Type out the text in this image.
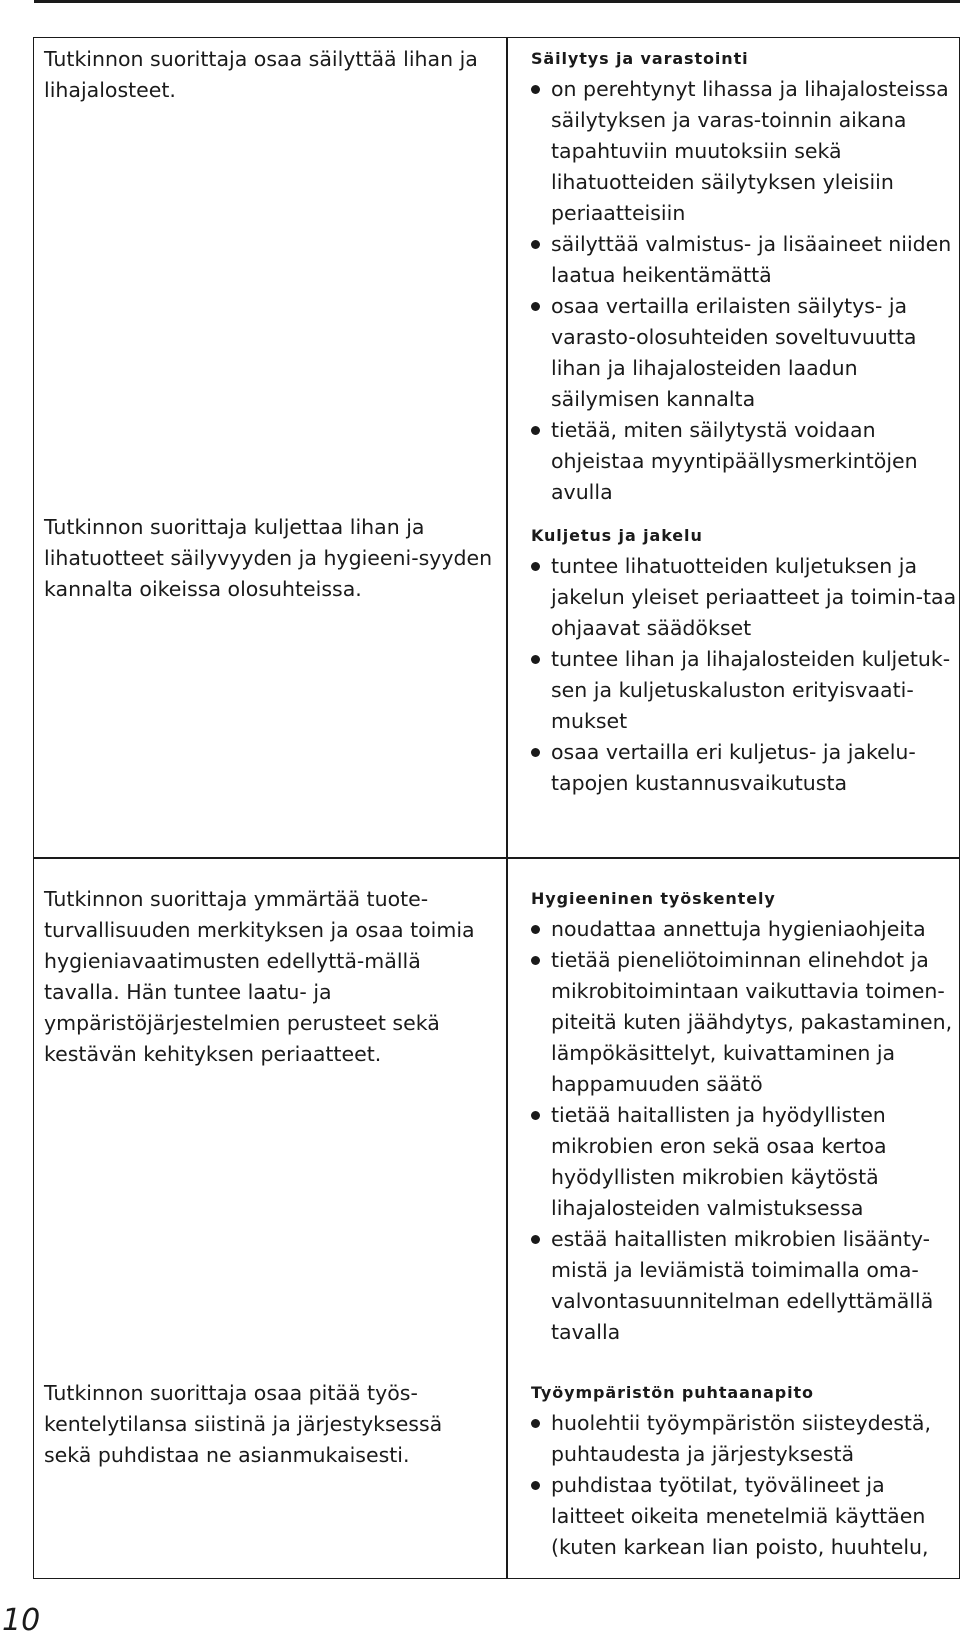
Tutkinnon suorittaja osaa säilyttää lihan ja lihajalosteet.

Säilytys ja varastointi
on perehtynyt lihassa ja lihajalosteissa säilytyksen ja varas-toinnin aikana tapahtuviin muutoksiin sekä lihatuotteiden säilytyksen yleisiin periaatteisiin
säilyttää valmistus- ja lisäaineet niiden laatua heikentämättä
osaa vertailla erilaisten säilytys- ja varasto-olosuhteiden soveltuvuutta lihan ja lihajalosteiden laadun säilymisen kannalta
tietää, miten säilytystä voidaan ohjeistaa myyntipäällysmerkintöjen avulla

Tutkinnon suorittaja kuljettaa lihan ja lihatuotteet säilyvyyden ja hygieeni-syyden kannalta oikeissa olosuhteissa.

Kuljetus ja jakelu
tuntee lihatuotteiden kuljetuksen ja jakelun yleiset periaatteet ja toimin-taa ohjaavat säädökset
tuntee lihan ja lihajalosteiden kuljetuk-sen ja kuljetuskaluston erityisvaati-mukset
osaa vertailla eri kuljetus- ja jakelu-tapojen kustannusvaikutusta

Tutkinnon suorittaja ymmärtää tuote-turvallisuuden merkityksen ja osaa toimia hygieniavaatimusten edellyttä-mällä tavalla. Hän tuntee laatu- ja ympäristöjärjestelmien perusteet sekä kestävän kehityksen periaatteet.

Hygieeninen työskentely
noudattaa annettuja hygieniaohjeita
tietää pieneliötoiminnan elinehdot ja mikrobitoimintaan vaikuttavia toimen-piteitä kuten jäähdytys, pakastaminen, lämpökäsittelyt, kuivattaminen ja happamuuden säätö
tietää haitallisten ja hyödyllisten mikrobien eron sekä osaa kertoa hyödyllisten mikrobien käytöstä lihajalosteiden valmistuksessa
estää haitallisten mikrobien lisäänty-mistä ja leviämistä toimimalla oma-valvontasuunnitelman edellyttämällä tavalla

Tutkinnon suorittaja osaa pitää työs-kentelytilansa siistinä ja järjestyksessä sekä puhdistaa ne asianmukaisesti.

Työympäristön puhtaanapito
huolehtii työympäristön siisteydestä, puhtaudesta ja järjestyksestä
puhdistaa työtilat, työvälineet ja laitteet oikeita menetelmiä käyttäen (kuten karkean lian poisto, huuhtelu,
10
